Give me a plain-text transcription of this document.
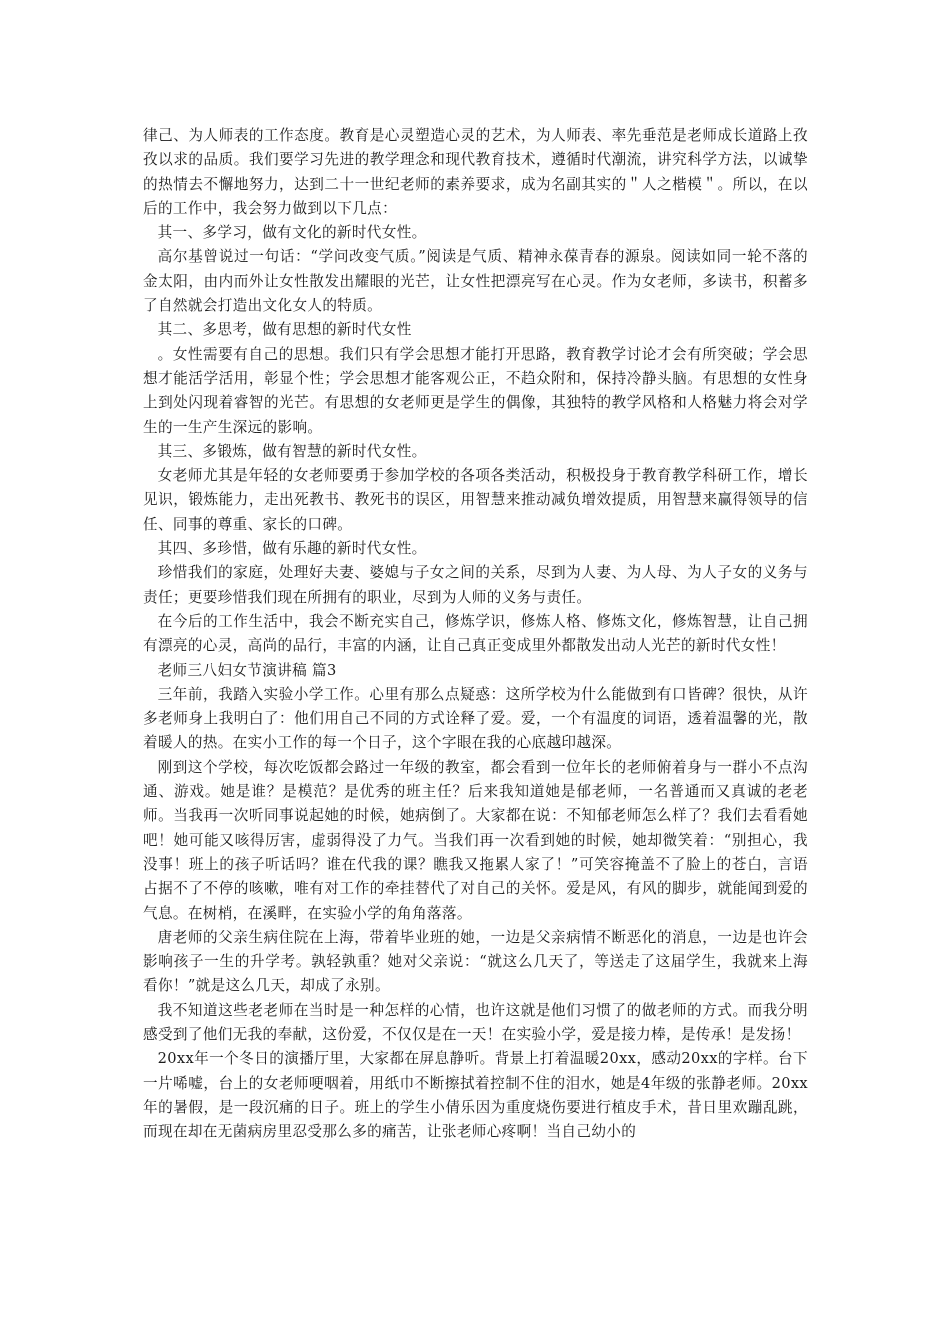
律己、为人师表的工作态度。教育是心灵塑造心灵的艺术，为人师表、率先垂范是老师成长道路上孜孜以求的品质。我们要学习先进的教学理念和现代教育技术，遵循时代潮流，讲究科学方法，以诚挚的热情去不懈地努力，达到二十一世纪老师的素养要求，成为名副其实的＂人之楷模＂。所以，在以后的工作中，我会努力做到以下几点：

其一、多学习，做有文化的新时代女性。

高尔基曾说过一句话：“学问改变气质。”阅读是气质、精神永葆青春的源泉。阅读如同一轮不落的金太阳，由内而外让女性散发出耀眼的光芒，让女性把漂亮写在心灵。作为女老师，多读书，积蓄多了自然就会打造出文化女人的特质。

其二、多思考，做有思想的新时代女性

。女性需要有自己的思想。我们只有学会思想才能打开思路，教育教学讨论才会有所突破；学会思想才能活学活用，彰显个性；学会思想才能客观公正，不趋众附和，保持冷静头脑。有思想的女性身上到处闪现着睿智的光芒。有思想的女老师更是学生的偶像，其独特的教学风格和人格魅力将会对学生的一生产生深远的影响。

其三、多锻炼，做有智慧的新时代女性。

女老师尤其是年轻的女老师要勇于参加学校的各项各类活动，积极投身于教育教学科研工作，增长见识，锻炼能力，走出死教书、教死书的误区，用智慧来推动减负增效提质，用智慧来赢得领导的信任、同事的尊重、家长的口碑。

其四、多珍惜，做有乐趣的新时代女性。

珍惜我们的家庭，处理好夫妻、婆媳与子女之间的关系，尽到为人妻、为人母、为人子女的义务与责任；更要珍惜我们现在所拥有的职业，尽到为人师的义务与责任。

在今后的工作生活中，我会不断充实自己，修炼学识，修炼人格、修炼文化，修炼智慧，让自己拥有漂亮的心灵，高尚的品行，丰富的内涵，让自己真正变成里外都散发出动人光芒的新时代女性！

老师三八妇女节演讲稿 篇3

三年前，我踏入实验小学工作。心里有那么点疑惑：这所学校为什么能做到有口皆碑？很快，从许多老师身上我明白了：他们用自己不同的方式诠释了爱。爱，一个有温度的词语，透着温馨的光，散着暖人的热。在实小工作的每一个日子，这个字眼在我的心底越印越深。

刚到这个学校，每次吃饭都会路过一年级的教室，都会看到一位年长的老师俯着身与一群小不点沟通、游戏。她是谁？是模范？是优秀的班主任？后来我知道她是郁老师，一名普通而又真诚的老老师。当我再一次听同事说起她的时候，她病倒了。大家都在说：不知郁老师怎么样了？我们去看看她吧！她可能又咳得厉害，虚弱得没了力气。当我们再一次看到她的时候，她却微笑着：“别担心，我没事！班上的孩子听话吗？谁在代我的课？瞧我又拖累人家了！”可笑容掩盖不了脸上的苍白，言语占据不了不停的咳嗽，唯有对工作的牵挂替代了对自己的关怀。爱是风，有风的脚步，就能闻到爱的气息。在树梢，在溪畔，在实验小学的角角落落。

唐老师的父亲生病住院在上海，带着毕业班的她，一边是父亲病情不断恶化的消息，一边是也许会影响孩子一生的升学考。孰轻孰重？她对父亲说：“就这么几天了，等送走了这届学生，我就来上海看你！”就是这么几天，却成了永别。

我不知道这些老老师在当时是一种怎样的心情，也许这就是他们习惯了的做老师的方式。而我分明感受到了他们无我的奉献，这份爱，不仅仅是在一天！在实验小学，爱是接力棒，是传承！是发扬！

20xx年一个冬日的演播厅里，大家都在屏息静听。背景上打着温暖20xx，感动20xx的字样。台下一片唏嘘，台上的女老师哽咽着，用纸巾不断擦拭着控制不住的泪水，她是4年级的张静老师。20xx年的暑假，是一段沉痛的日子。班上的学生小倩乐因为重度烧伤要进行植皮手术，昔日里欢蹦乱跳，而现在却在无菌病房里忍受那么多的痛苦，让张老师心疼啊！当自己幼小的
